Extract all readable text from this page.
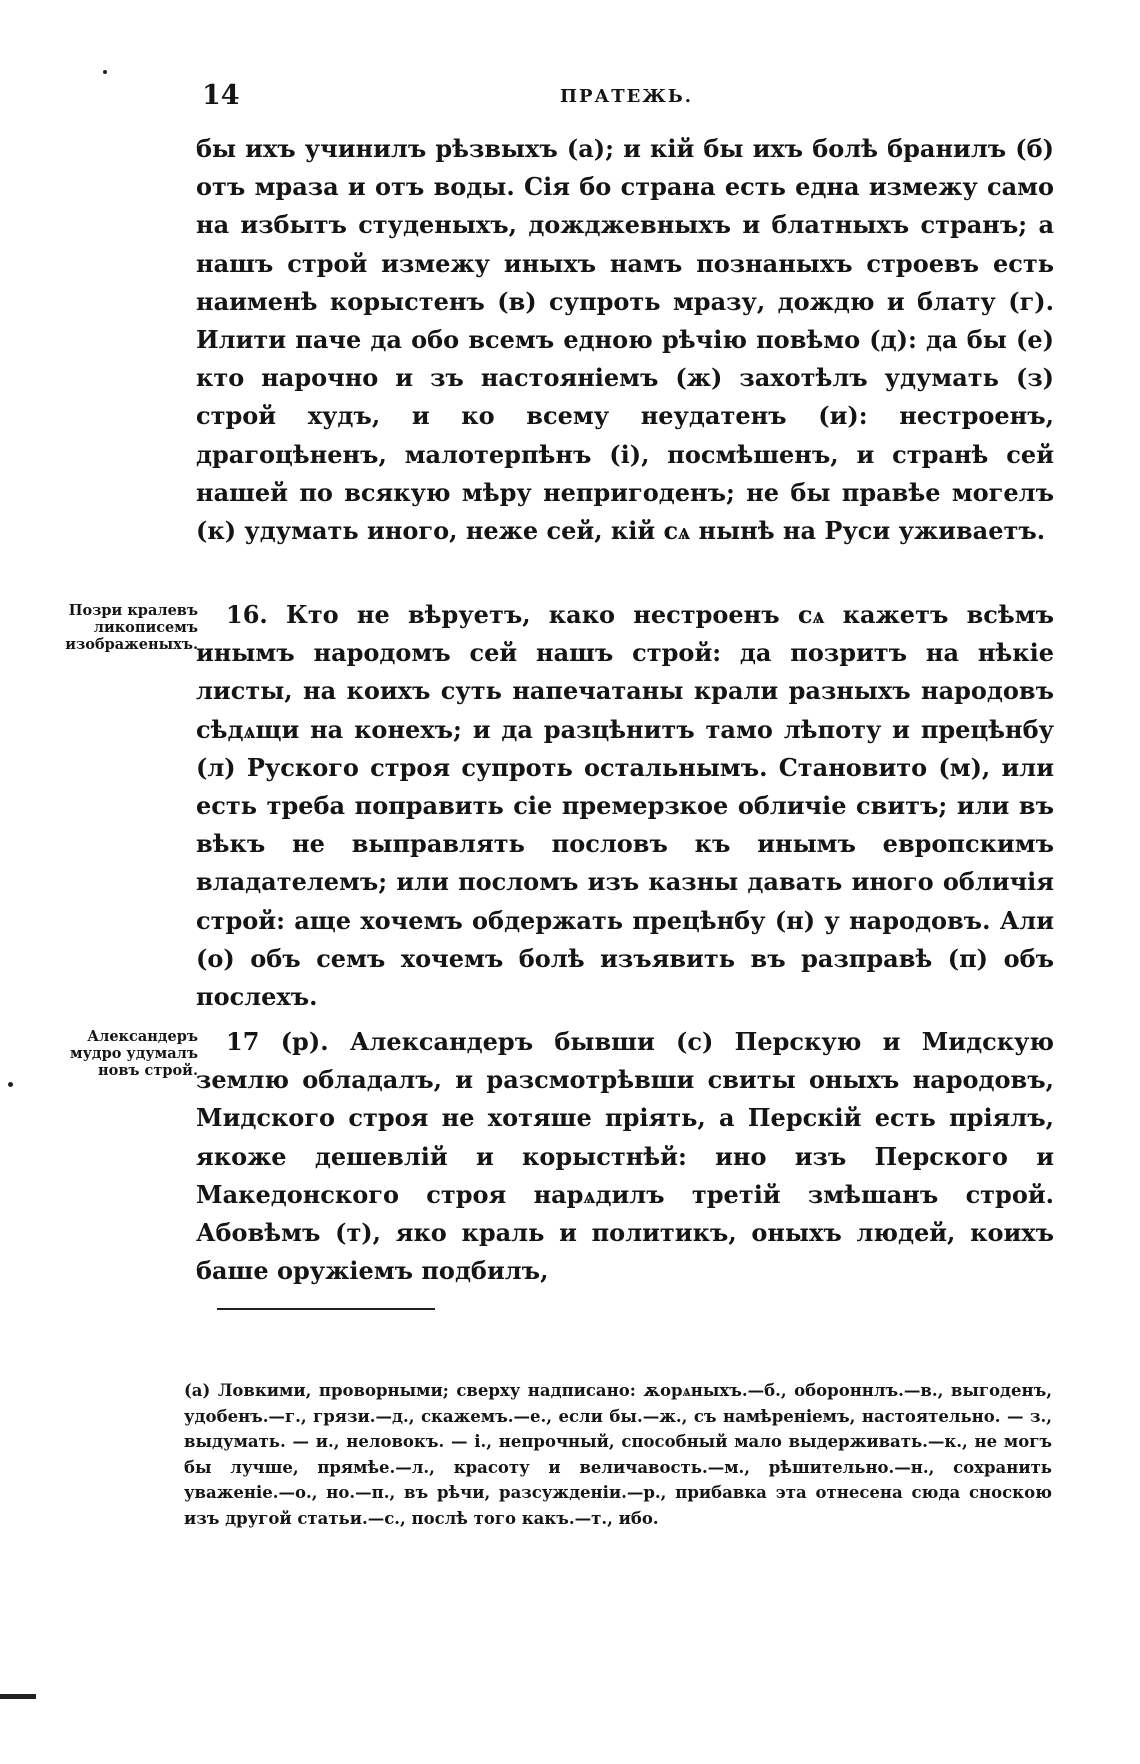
14	ПРАТЕЖЬ.

бы ихъ учинилъ рѣзвыхъ (а); и кій бы ихъ болѣ бранилъ (б) отъ мраза и отъ воды. Сія бо страна есть една измежу само на избытъ студеныхъ, дожджевныхъ и блатныхъ странъ; а нашъ строй измежу иныхъ намъ познаныхъ строевъ есть наименѣ корыстенъ (в) супроть мразу, дождю и блату (г). Илити паче да обо всемъ едною рѣчію повѣмо (д): да бы (е) кто нарочно и зъ настояніемъ (ж) захотѣлъ удумать (з) строй худъ, и ко всему неудатенъ (и): нестроенъ, драгоцѣненъ, малотерпѣнъ (і), посмѣшенъ, и странѣ сей нашей по всякую мѣру непригоденъ; не бы правѣе могелъ (к) удумать иного, неже сей, кій сѧ нынѣ на Руси уживаетъ.

Позри кралевъ ликописемъ изображеныхъ.

16. Кто не вѣруетъ, како нестроенъ сѧ кажетъ всѣмъ инымъ народомъ сей нашъ строй: да позритъ на нѣкіе листы, на коихъ суть напечатаны крали разныхъ народовъ сѣдѧщи на конехъ; и да разцѣнитъ тамо лѣпоту и прецѣнбу (л) Руского строя супроть остальнымъ. Становито (м), или есть треба поправить сіе премерзкое обличіе свитъ; или въ вѣкъ не выправлять пословъ къ инымъ европскимъ владателемъ; или посломъ изъ казны давать иного обличія строй: аще хочемъ обдержать прецѣнбу (н) у народовъ. Али (о) объ семъ хочемъ болѣ изъявить въ разправѣ (п) объ послехъ.

Александеръ мудро удумалъ новъ строй.

17 (р). Александеръ бывши (с) Перскую и Мидскую землю обладалъ, и разсмотрѣвши свиты оныхъ народовъ, Мидского строя не хотяше пріять, а Перскій есть пріялъ, якоже дешевлій и корыстнѣй: ино изъ Перского и Македонского строя нарѧдилъ третій змѣшанъ строй. Абовѣмъ (т), яко краль и политикъ, оныхъ людей, коихъ баше оружіемъ подбилъ,

(а) Ловкими, проворными; сверху надписано: ѫорѧныхъ.—б., обороннлъ.—в., выгоденъ, удобенъ.—г., грязи.—д., скажемъ.—е., если бы.—ж., съ намѣреніемъ, настоятельно. — з., выдумать. — и., неловокъ. — і., непрочный, способный мало выдерживать.—к., не могъ бы лучше, прямѣе.—л., красоту и величавость.—м., рѣшительно.—н., сохранить уваженіе.—о., но.—п., въ рѣчи, разсужденіи.—р., прибавка эта отнесена сюда сноскою изъ другой статьи.—с., послѣ того какъ.—т., ибо.
